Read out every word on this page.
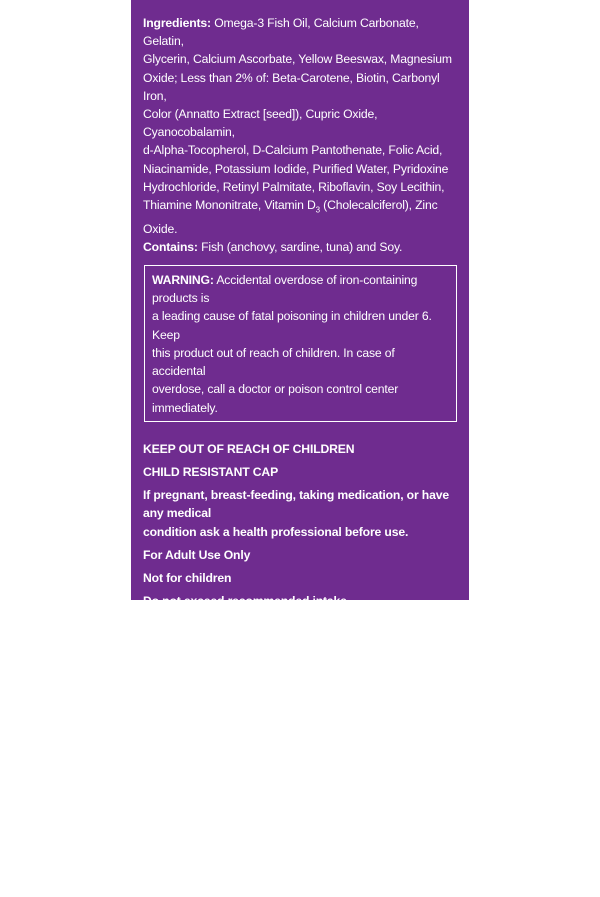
Ingredients: Omega-3 Fish Oil, Calcium Carbonate, Gelatin,
Glycerin, Calcium Ascorbate, Yellow Beeswax, Magnesium
Oxide; Less than 2% of: Beta-Carotene, Biotin, Carbonyl Iron,
Color (Annatto Extract [seed]), Cupric Oxide, Cyanocobalamin,
d-Alpha-Tocopherol, D-Calcium Pantothenate, Folic Acid,
Niacinamide, Potassium Iodide, Purified Water, Pyridoxine
Hydrochloride, Retinyl Palmitate, Riboflavin, Soy Lecithin,
Thiamine Mononitrate, Vitamin $D_3$ (Cholecalciferol), Zinc Oxide.

Contains: Fish (anchovy, sardine, tuna) and Soy.

WARNING: Accidental overdose of iron-containing products is
a leading cause of fatal poisoning in children under 6. Keep
this product out of reach of children. In case of accidental
overdose, call a doctor or poison control center immediately.

KEEP OUT OF REACH OF CHILDREN

CHILD RESISTANT CAP

If pregnant, breast-feeding, taking medication, or have any medical
condition ask a health professional before use.

For Adult Use Only

Not for children

Do not exceed recommended intake

Do not use if printed safety seal bearing "Bayer HealthCare"
under cap is torn or missing.

Store at room temperature. Avoid temperatures above 25°C (77°F).

Due to the use of colors derived from natural sources, some dark
spots may appear on the softgel over time. This does not impact
product quality or safety.

Product of Spain

Dist. by:
Bayer HealthCare LLC
Whippany, NJ 07981
